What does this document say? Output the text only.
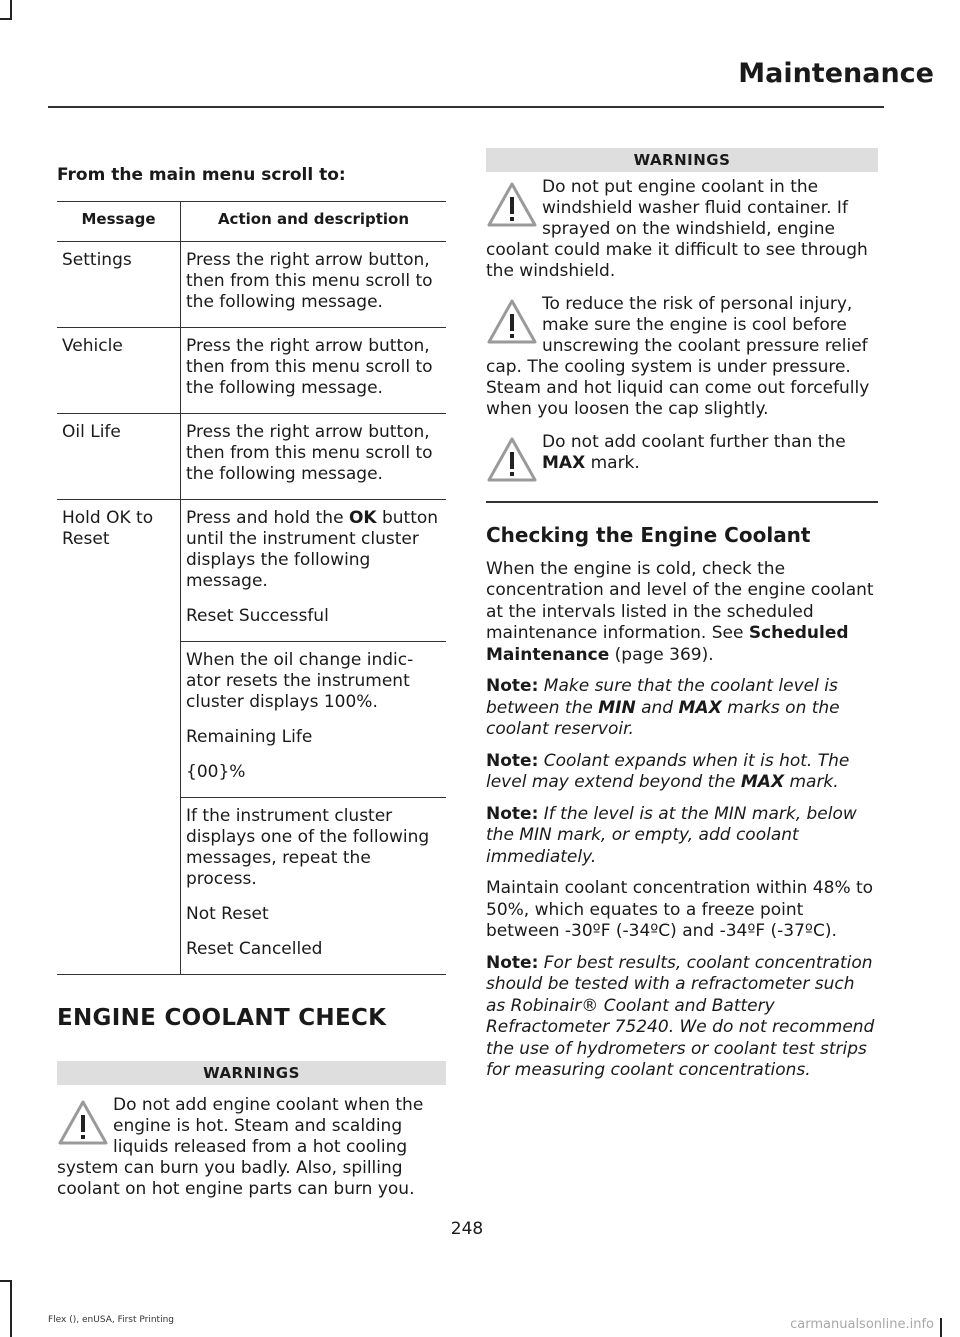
Maintenance

From the main menu scroll to:

Message	Action and description
Settings	Press the right arrow button, then from this menu scroll to the following message.
Vehicle	Press the right arrow button, then from this menu scroll to the following message.
Oil Life	Press the right arrow button, then from this menu scroll to the following message.
Hold OK to Reset	Press and hold the OK button until the instrument cluster displays the following message.

Reset Successful

	When the oil change indic-ator resets the instrument cluster displays 100%.

Remaining Life

{00}%

	If the instrument cluster displays one of the following messages, repeat the process.

Not Reset

Reset Cancelled

ENGINE COOLANT CHECK
WARNINGS
Do not add engine coolant when the engine is hot. Steam and scalding liquids released from a hot cooling system can burn you badly. Also, spilling coolant on hot engine parts can burn you.
WARNINGS
Do not put engine coolant in the windshield washer fluid container. If sprayed on the windshield, engine coolant could make it difficult to see through the windshield.
To reduce the risk of personal injury, make sure the engine is cool before unscrewing the coolant pressure relief cap. The cooling system is under pressure. Steam and hot liquid can come out forcefully when you loosen the cap slightly.
Do not add coolant further than the MAX mark.
Checking the Engine Coolant

When the engine is cold, check the concentration and level of the engine coolant at the intervals listed in the scheduled maintenance information. See Scheduled Maintenance (page 369).

Note: Make sure that the coolant level is between the MIN and MAX marks on the coolant reservoir.

Note: Coolant expands when it is hot. The level may extend beyond the MAX mark.

Note: If the level is at the MIN mark, below the MIN mark, or empty, add coolant immediately.

Maintain coolant concentration within 48% to 50%, which equates to a freeze point between -30ºF (-34ºC) and -34ºF (-37ºC).

Note: For best results, coolant concentration should be tested with a refractometer such as Robinair® Coolant and Battery Refractometer 75240. We do not recommend the use of hydrometers or coolant test strips for measuring coolant concentrations.

248
Flex (), enUSA, First Printing	carmanualsonline.info
